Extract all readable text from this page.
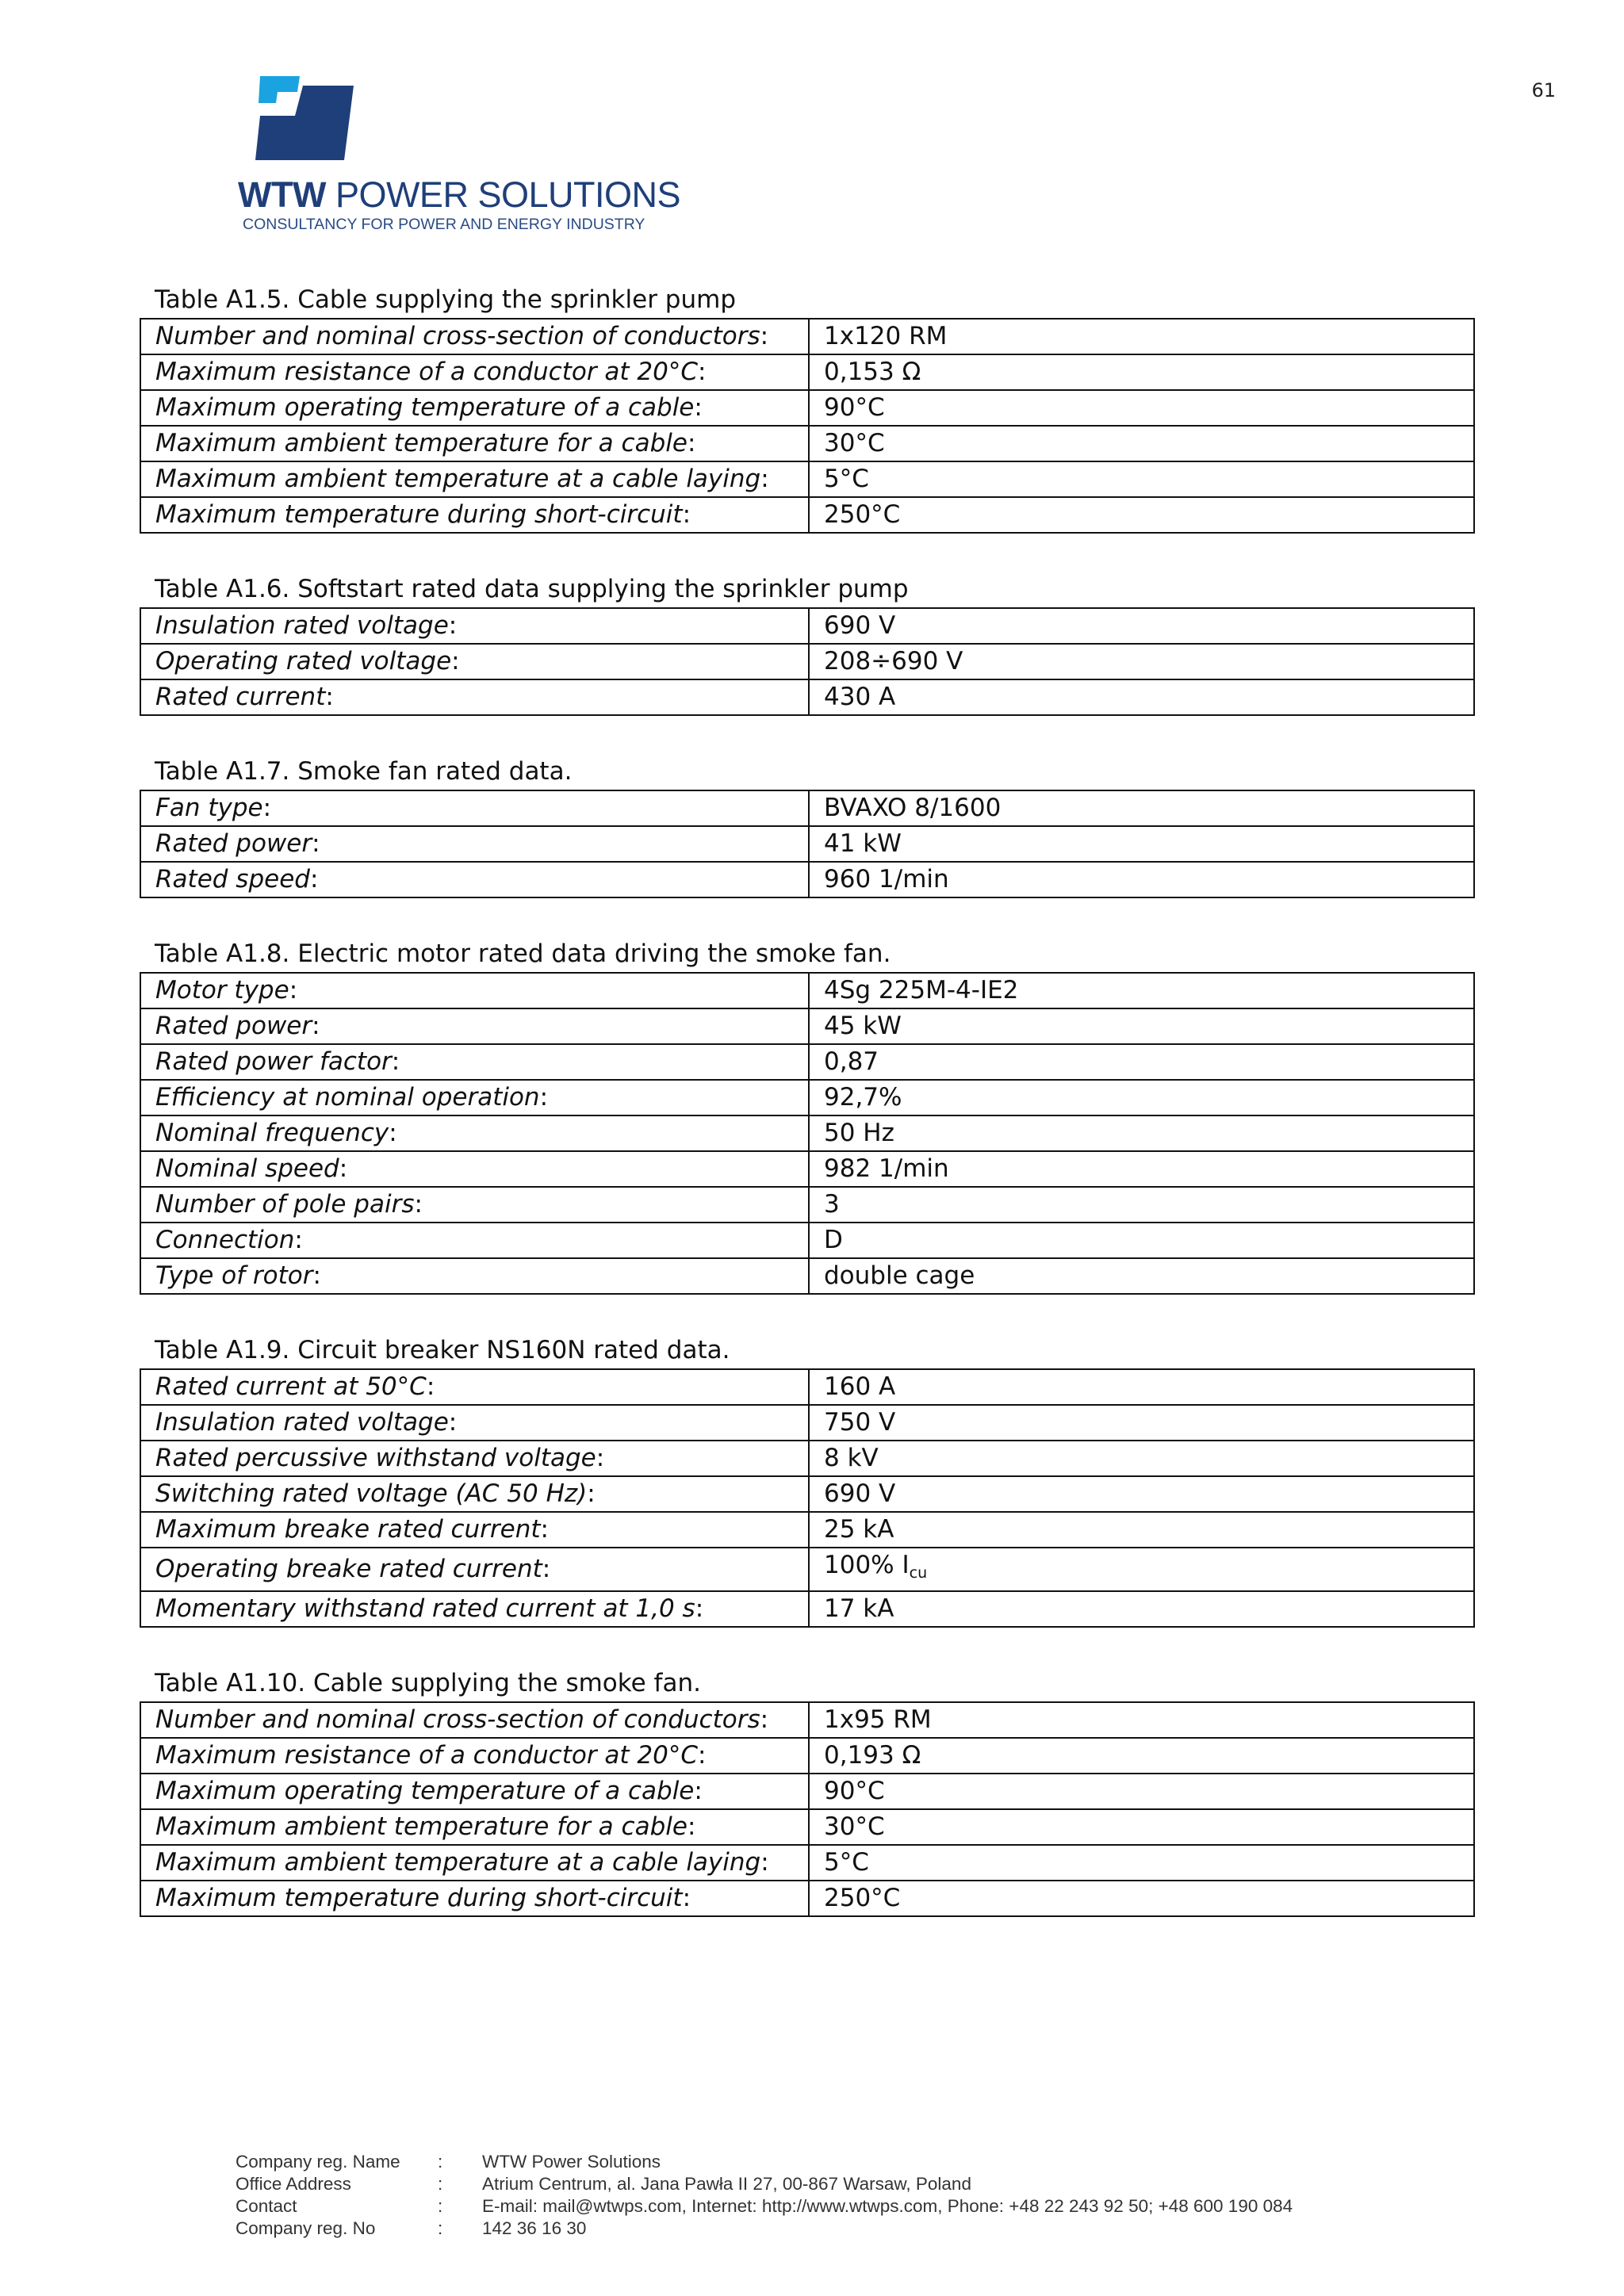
61
WTW POWER SOLUTIONS
CONSULTANCY FOR POWER AND ENERGY INDUSTRY
Table A1.5. Cable supplying the sprinkler pump
Number and nominal cross-section of conductors:	1x120 RM
Maximum resistance of a conductor at 20°C:	0,153 Ω
Maximum operating temperature of a cable:	90°C
Maximum ambient temperature for a cable:	30°C
Maximum ambient temperature at a cable laying:	5°C
Maximum temperature during short-circuit:	250°C
Table A1.6. Softstart rated data supplying the sprinkler pump
Insulation rated voltage:	690 V
Operating rated voltage:	208÷690 V
Rated current:	430 A
Table A1.7. Smoke fan rated data.
Fan type:	BVAXO 8/1600
Rated power:	41 kW
Rated speed:	960 1/min
Table A1.8. Electric motor rated data driving the smoke fan.
Motor type:	4Sg 225M-4-IE2
Rated power:	45 kW
Rated power factor:	0,87
Efficiency at nominal operation:	92,7%
Nominal frequency:	50 Hz
Nominal speed:	982 1/min
Number of pole pairs:	3
Connection:	D
Type of rotor:	double cage
Table A1.9. Circuit breaker NS160N rated data.
Rated current at 50°C:	160 A
Insulation rated voltage:	750 V
Rated percussive withstand voltage:	8 kV
Switching rated voltage (AC 50 Hz):	690 V
Maximum breake rated current:	25 kA
Operating breake rated current:	100% $I_{cu}$
Momentary withstand rated current at 1,0 s:	17 kA
Table A1.10. Cable supplying the smoke fan.
Number and nominal cross-section of conductors:	1x95 RM
Maximum resistance of a conductor at 20°C:	0,193 Ω
Maximum operating temperature of a cable:	90°C
Maximum ambient temperature for a cable:	30°C
Maximum ambient temperature at a cable laying:	5°C
Maximum temperature during short-circuit:	250°C
Company reg. Name : WTW Power Solutions
Office Address	: Atrium Centrum, al. Jana Pawła II 27, 00-867 Warsaw, Poland
Contact	: E-mail: mail@wtwps.com, Internet: http://www.wtwps.com, Phone: +48 22 243 92 50; +48 600 190 084
Company reg. No	: 142 36 16 30
